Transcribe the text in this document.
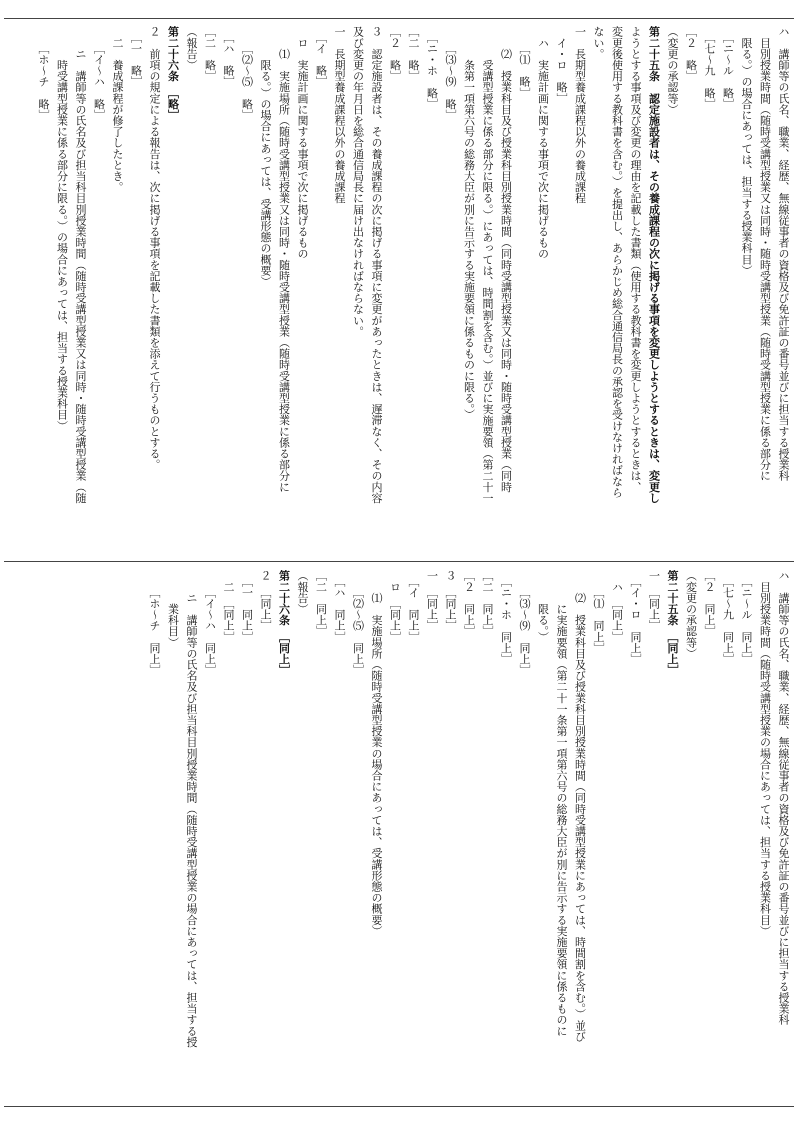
ハ　講師等の氏名、職業、経歴、無線従事者の資格及び免許証の番号並びに担当する授業科
　目別授業時間（随時受講型授業又は同時・随時受講型授業（随時受講型授業に係る部分に
　限る。）の場合にあっては、担当する授業科目）
　［ニ～ル　略］
　［七～九　略］
［２　略］
（変更の承認等）
第二十五条　認定施設者は、その養成課程の次に掲げる事項を変更しようとするときは、変更し
ようとする事項及び変更の理由を記載した書類（使用する教科書を変更しようとするときは、
変更後使用する教科書を含む。）を提出し、あらかじめ総合通信局長の承認を受けなければなら
ない。
一　長期型養成課程以外の養成課程
　イ・ロ　略］
　ハ　実施計画に関する事項で次に掲げるもの
　　［⑴　略］
　　⑵　授業科目及び授業科目別授業時間（同時受講型授業又は同時・随時受講型授業（同時
　　　受講型授業に係る部分に限る。）にあっては、時間割を含む。）並びに実施要領（第二十一
　　　条第一項第六号の総務大臣が別に告示する実施要領に係るものに限る。）
　　［⑶～⑼　略］
　［ニ・ホ　略］
［二　略］
［２　略］
３　認定施設者は、その養成課程の次に掲げる事項に変更があったときは、遅滞なく、その内容
及び変更の年月日を総合通信局長に届け出なければならない。
一　長期型養成課程以外の養成課程
　［イ　略］
　ロ　実施計画に関する事項で次に掲げるもの
　　⑴　実施場所（随時受講型授業又は同時・随時受講型授業（随時受講型授業に係る部分に
　　　限る。）の場合にあっては、受講形態の概要）
　　［⑵～⑸　略］
　［ハ　略］
［二　略］
（報告）
第二十六条　［略］
２　前項の規定による報告は、次に掲げる事項を記載した書類を添えて行うものとする。
　［一　略］
　二　養成課程が修了したとき。
　　［イ～ハ　略］
　　ニ　講師等の氏名及び担当科目別授業時間（随時受講型授業又は同時・随時受講型授業（随
　　　時受講型授業に係る部分に限る。）の場合にあっては、担当する授業科目）
　　［ホ～チ　略］
ハ　講師等の氏名、職業、経歴、無線従事者の資格及び免許証の番号並びに担当する授業科
　目別授業時間（随時受講型授業の場合にあっては、担当する授業科目）
　［ニ～ル　同上］
　［七～九　同上］
［２　同上］
（変更の承認等）
第二十五条　［同上］
一　［同上］
　［イ・ロ　同上］
　ハ　［同上］
　　［⑴　同上］
　　⑵　授業科目及び授業科目別授業時間（同時受講型授業にあっては、時間割を含む。）並び
　　　に実施要領（第二十一条第一項第六号の総務大臣が別に告示する実施要領に係るものに
　　　限る。）
　　［⑶～⑼　同上］
　［ニ・ホ　同上］
［二　同上］
［２　同上］
３　［同上］
一　［同上］
　［イ　同上］
　ロ　［同上］
　　⑴　実施場所（随時受講型授業の場合にあっては、受講形態の概要）
　　［⑵～⑸　同上］
　［ハ　同上］
［二　同上］
（報告）
第二十六条　［同上］
２　［同上］
　［一　同上］
　二　［同上］
　　［イ～ハ　同上］
　　ニ　講師等の氏名及び担当科目別授業時間（随時受講型授業の場合にあっては、担当する授
　　　業科目）
　　［ホ～チ　同上］
